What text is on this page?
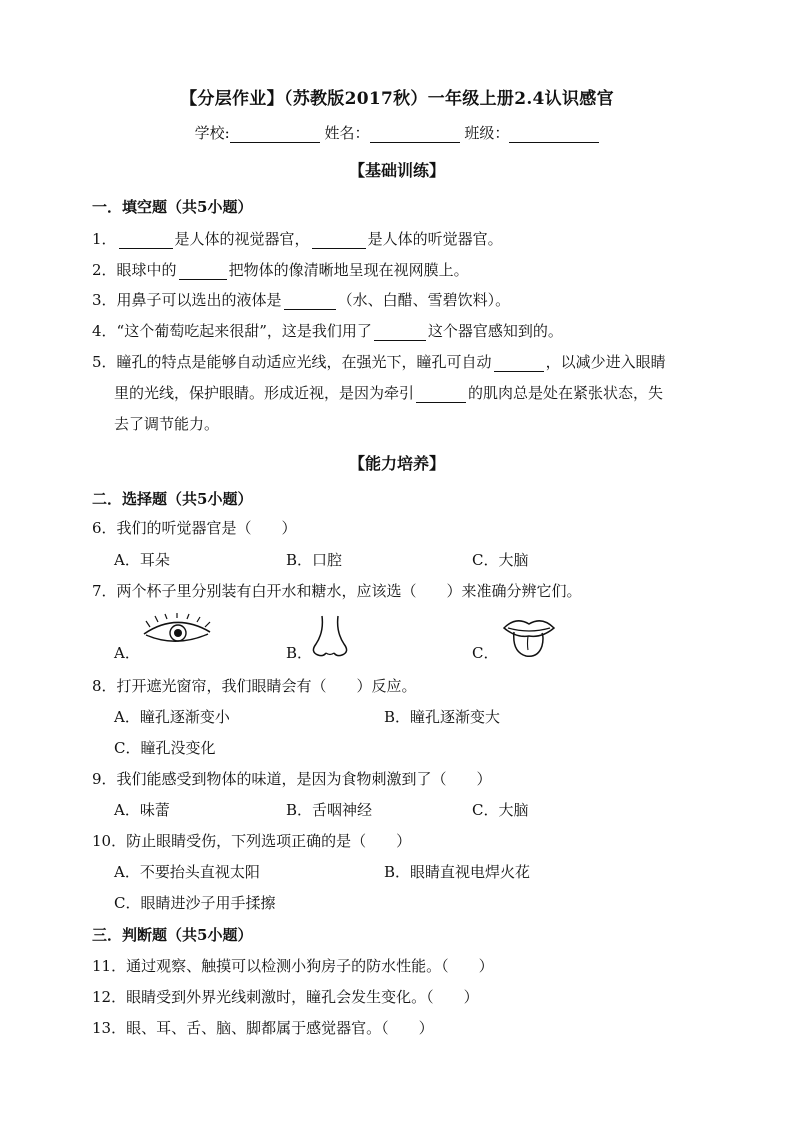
【分层作业】（苏教版2017秋）一年级上册2.4认识感官
学校:	姓名：	班级：
【基础训练】
一．填空题（共5小题）
1．	是人体的视觉器官，	是人体的听觉器官。
2．眼球中的	把物体的像清晰地呈现在视网膜上。
3．用鼻子可以选出的液体是	（水、白醋、雪碧饮料）。
4．“这个葡萄吃起来很甜”，这是我们用了	这个器官感知到的。
5．瞳孔的特点是能够自动适应光线，在强光下，瞳孔可自动	，以减少进入眼睛
里的光线，保护眼睛。形成近视，是因为牵引	的肌肉总是处在紧张状态，失
去了调节能力。
【能力培养】
二．选择题（共5小题）
6．我们的听觉器官是（　　）
A．耳朵	B．口腔	C．大脑
7．两个杯子里分别装有白开水和糖水，应该选（　　）来准确分辨它们。
A．	B．	C．
8．打开遮光窗帘，我们眼睛会有（　　）反应。
A．瞳孔逐渐变小	B．瞳孔逐渐变大
C．瞳孔没变化
9．我们能感受到物体的味道，是因为食物刺激到了（　　）
A．味蕾	B．舌咽神经	C．大脑
10．防止眼睛受伤，下列选项正确的是（　　）
A．不要抬头直视太阳	B．眼睛直视电焊火花
C．眼睛进沙子用手揉擦
三．判断题（共5小题）
11．通过观察、触摸可以检测小狗房子的防水性能。（　　）
12．眼睛受到外界光线刺激时，瞳孔会发生变化。（　　）
13．眼、耳、舌、脑、脚都属于感觉器官。（　　）
